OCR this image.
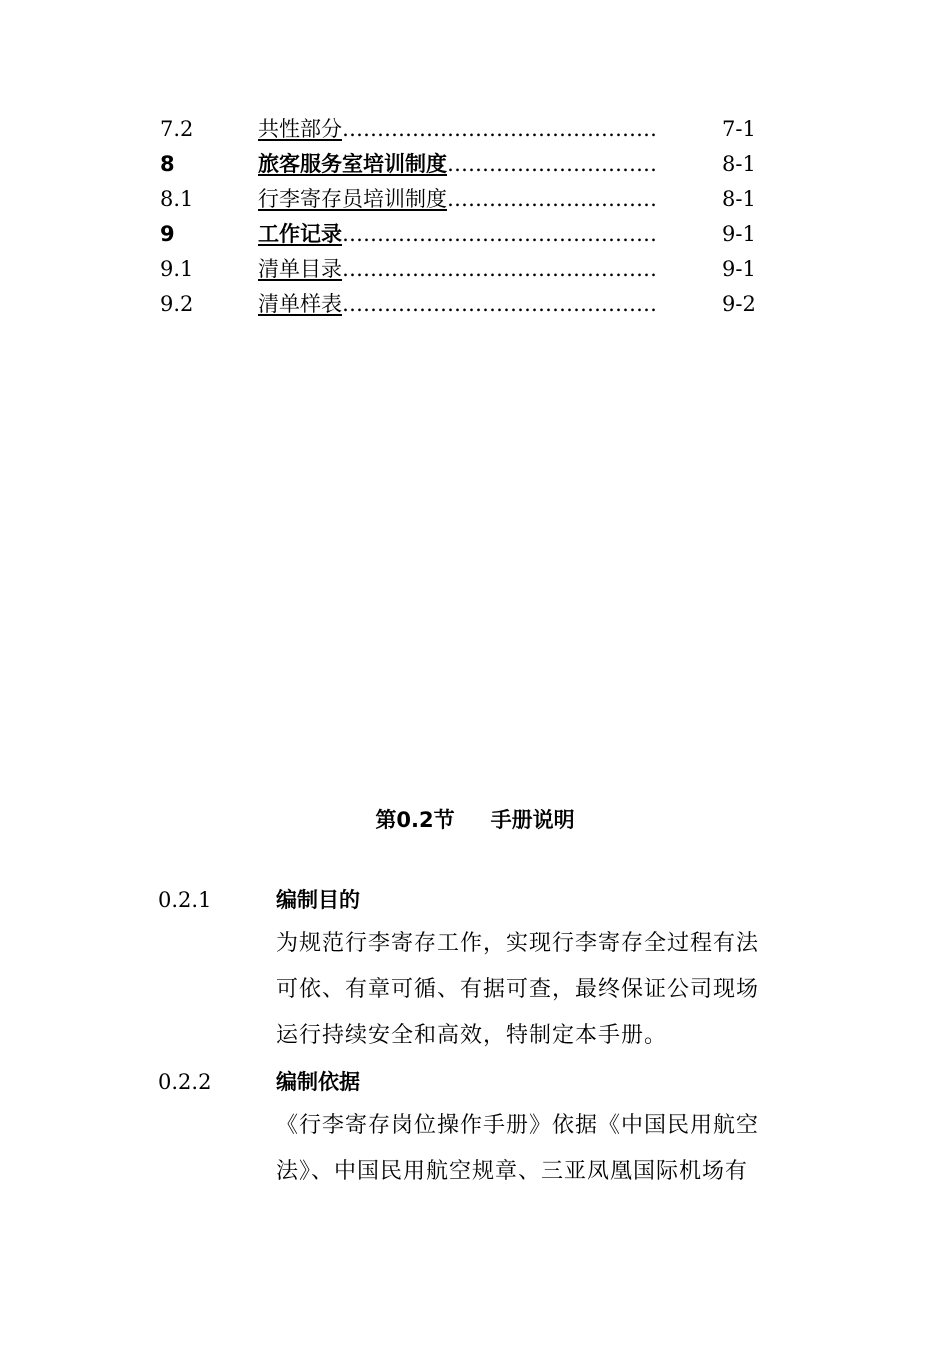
7.2	共性部分………………………………………	7-1
8	旅客服务室培训制度…………………………	8-1
8.1	行李寄存员培训制度…………………………	8-1
9	工作记录………………………………………	9-1
9.1	清单目录………………………………………	9-1
9.2	清单样表………………………………………	9-2
第0.2节 手册说明
0.2.1	编制目的
为规范行李寄存工作，实现行李寄存全过程有法
可依、有章可循、有据可查，最终保证公司现场
运行持续安全和高效，特制定本手册。
0.2.2	编制依据
《行李寄存岗位操作手册》依据《中国民用航空
法》、中国民用航空规章、三亚凤凰国际机场有
